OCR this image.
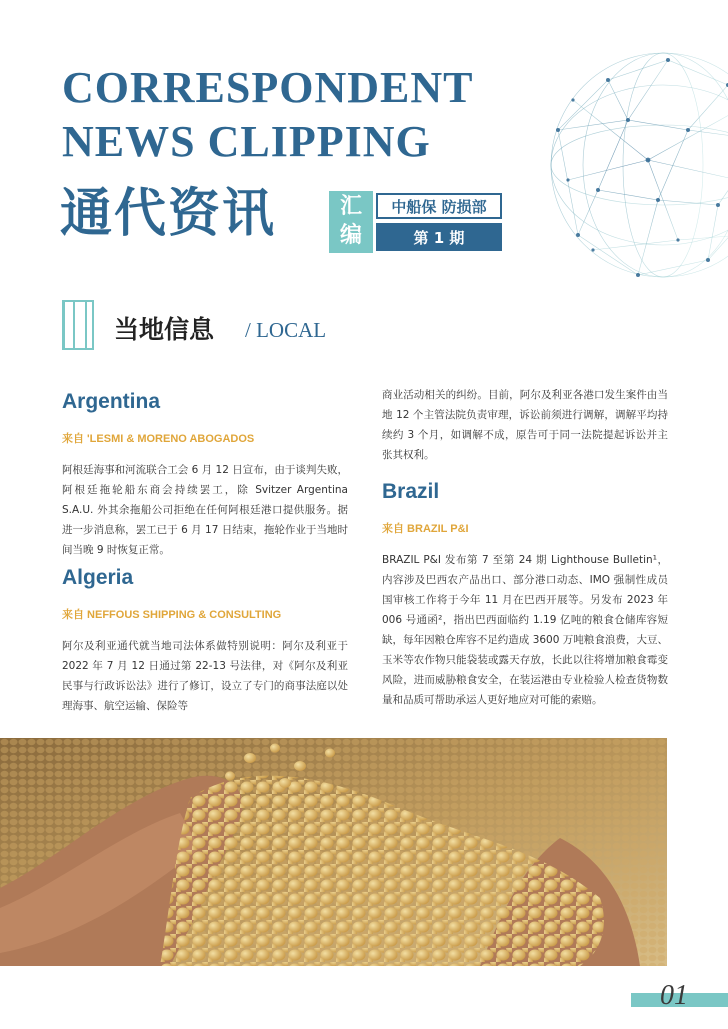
CORRESPONDENT
NEWS CLIPPING
通代资讯	汇
编
中船保 防损部
第 1 期
当地信息 / LOCAL
Argentina

来自 'LESMI & MORENO ABOGADOS

阿根廷海事和河流联合工会 6 月 12 日宣布，由于谈判失败，阿根廷拖轮船东商会持续罢工，除 Svitzer Argentina S.A.U. 外其余拖船公司拒绝在任何阿根廷港口提供服务。据进一步消息称，罢工已于 6 月 17 日结束，拖轮作业于当地时间当晚 9 时恢复正常。

Algeria

来自 NEFFOUS SHIPPING & CONSULTING

阿尔及利亚通代就当地司法体系做特别说明：阿尔及利亚于 2022 年 7 月 12 日通过第 22-13 号法律，对《阿尔及利亚民事与行政诉讼法》进行了修订，设立了专门的商事法庭以处理海事、航空运输、保险等

商业活动相关的纠纷。目前，阿尔及利亚各港口发生案件由当地 12 个主管法院负责审理，诉讼前须进行调解，调解平均持续约 3 个月，如调解不成，原告可于同一法院提起诉讼并主张其权利。

Brazil

来自 BRAZIL P&I

BRAZIL P&I 发布第 7 至第 24 期 Lighthouse Bulletin¹，内容涉及巴西农产品出口、部分港口动态、IMO 强制性成员国审核工作将于今年 11 月在巴西开展等。另发布 2023 年 006 号通函²，指出巴西面临约 1.19 亿吨的粮食仓储库容短缺，每年因粮仓库容不足约造成 3600 万吨粮食浪费，大豆、玉米等农作物只能袋装或露天存放，长此以往将增加粮食霉变风险，进而威胁粮食安全，在装运港由专业检验人检查货物数量和品质可帮助承运人更好地应对可能的索赔。

01
